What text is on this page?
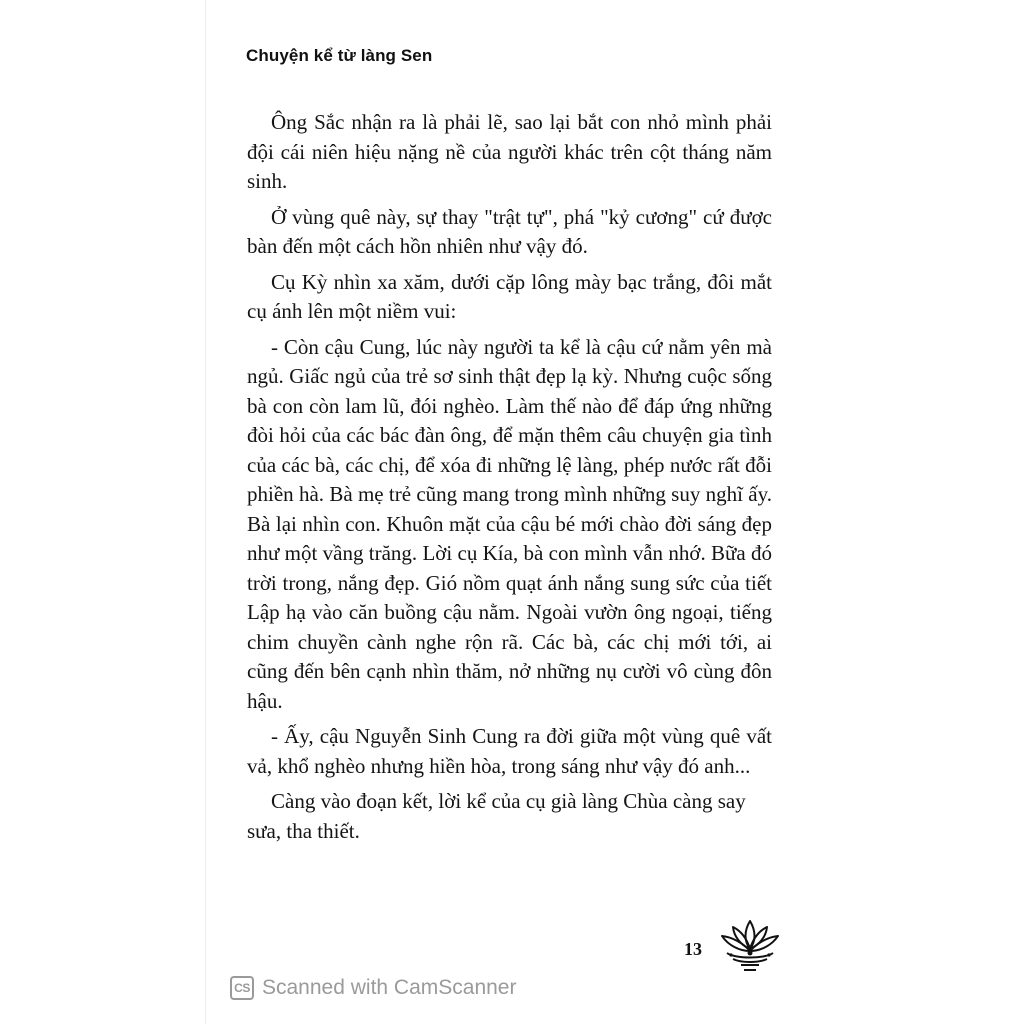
Chuyện kể từ làng Sen

Ông Sắc nhận ra là phải lẽ, sao lại bắt con nhỏ mình phải đội cái niên hiệu nặng nề của người khác trên cột tháng năm sinh.

Ở vùng quê này, sự thay "trật tự", phá "kỷ cương" cứ được bàn đến một cách hồn nhiên như vậy đó.

Cụ Kỳ nhìn xa xăm, dưới cặp lông mày bạc trắng, đôi mắt cụ ánh lên một niềm vui:

- Còn cậu Cung, lúc này người ta kể là cậu cứ nằm yên mà ngủ. Giấc ngủ của trẻ sơ sinh thật đẹp lạ kỳ. Nhưng cuộc sống bà con còn lam lũ, đói nghèo. Làm thế nào để đáp ứng những đòi hỏi của các bác đàn ông, để mặn thêm câu chuyện gia tình của các bà, các chị, để xóa đi những lệ làng, phép nước rất đỗi phiền hà. Bà mẹ trẻ cũng mang trong mình những suy nghĩ ấy. Bà lại nhìn con. Khuôn mặt của cậu bé mới chào đời sáng đẹp như một vầng trăng. Lời cụ Kía, bà con mình vẫn nhớ. Bữa đó trời trong, nắng đẹp. Gió nồm quạt ánh nắng sung sức của tiết Lập hạ vào căn buồng cậu nằm. Ngoài vườn ông ngoại, tiếng chim chuyền cành nghe rộn rã. Các bà, các chị mới tới, ai cũng đến bên cạnh nhìn thăm, nở những nụ cười vô cùng đôn hậu.

- Ấy, cậu Nguyễn Sinh Cung ra đời giữa một vùng quê vất vả, khổ nghèo nhưng hiền hòa, trong sáng như vậy đó anh...

Càng vào đoạn kết, lời kể của cụ già làng Chùa càng say sưa, tha thiết.

13
CS Scanned with CamScanner
